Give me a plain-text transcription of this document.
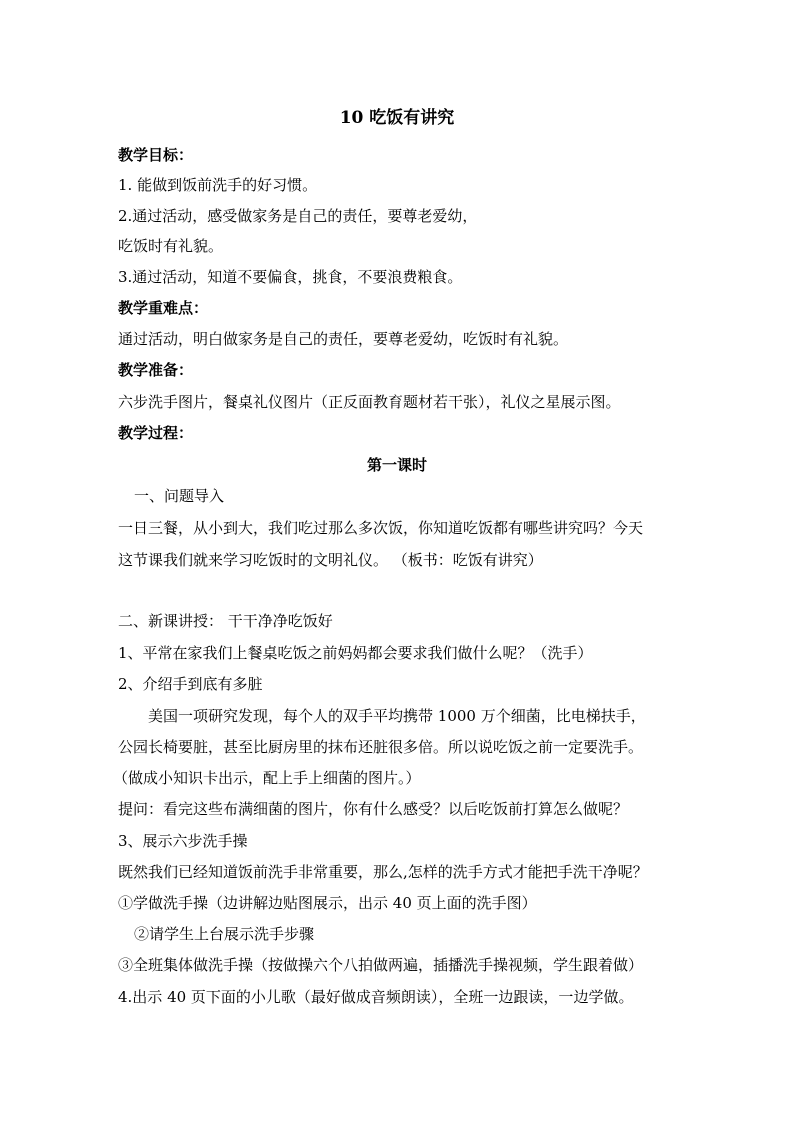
10 吃饭有讲究
教学目标：
1. 能做到饭前洗手的好习惯。
2.通过活动，感受做家务是自己的责任，要尊老爱幼，
吃饭时有礼貌。
3.通过活动，知道不要偏食，挑食，不要浪费粮食。
教学重难点：
通过活动，明白做家务是自己的责任，要尊老爱幼，吃饭时有礼貌。
教学准备：
六步洗手图片，餐桌礼仪图片（正反面教育题材若干张），礼仪之星展示图。
教学过程：
第一课时
一、问题导入
一日三餐，从小到大，我们吃过那么多次饭，你知道吃饭都有哪些讲究吗？今天
这节课我们就来学习吃饭时的文明礼仪。 （板书：吃饭有讲究）
二、新课讲授： 干干净净吃饭好
1、平常在家我们上餐桌吃饭之前妈妈都会要求我们做什么呢？（洗手）
2、介绍手到底有多脏
美国一项研究发现，每个人的双手平均携带 1000 万个细菌，比电梯扶手，
公园长椅要脏，甚至比厨房里的抹布还脏很多倍。所以说吃饭之前一定要洗手。
（做成小知识卡出示，配上手上细菌的图片。）
提问：看完这些布满细菌的图片，你有什么感受？以后吃饭前打算怎么做呢？
3、展示六步洗手操
既然我们已经知道饭前洗手非常重要，那么,怎样的洗手方式才能把手洗干净呢？
①学做洗手操（边讲解边贴图展示，出示 40 页上面的洗手图）
②请学生上台展示洗手步骤
③全班集体做洗手操（按做操六个八拍做两遍，插播洗手操视频，学生跟着做）
4.出示 40 页下面的小儿歌（最好做成音频朗读），全班一边跟读，一边学做。
